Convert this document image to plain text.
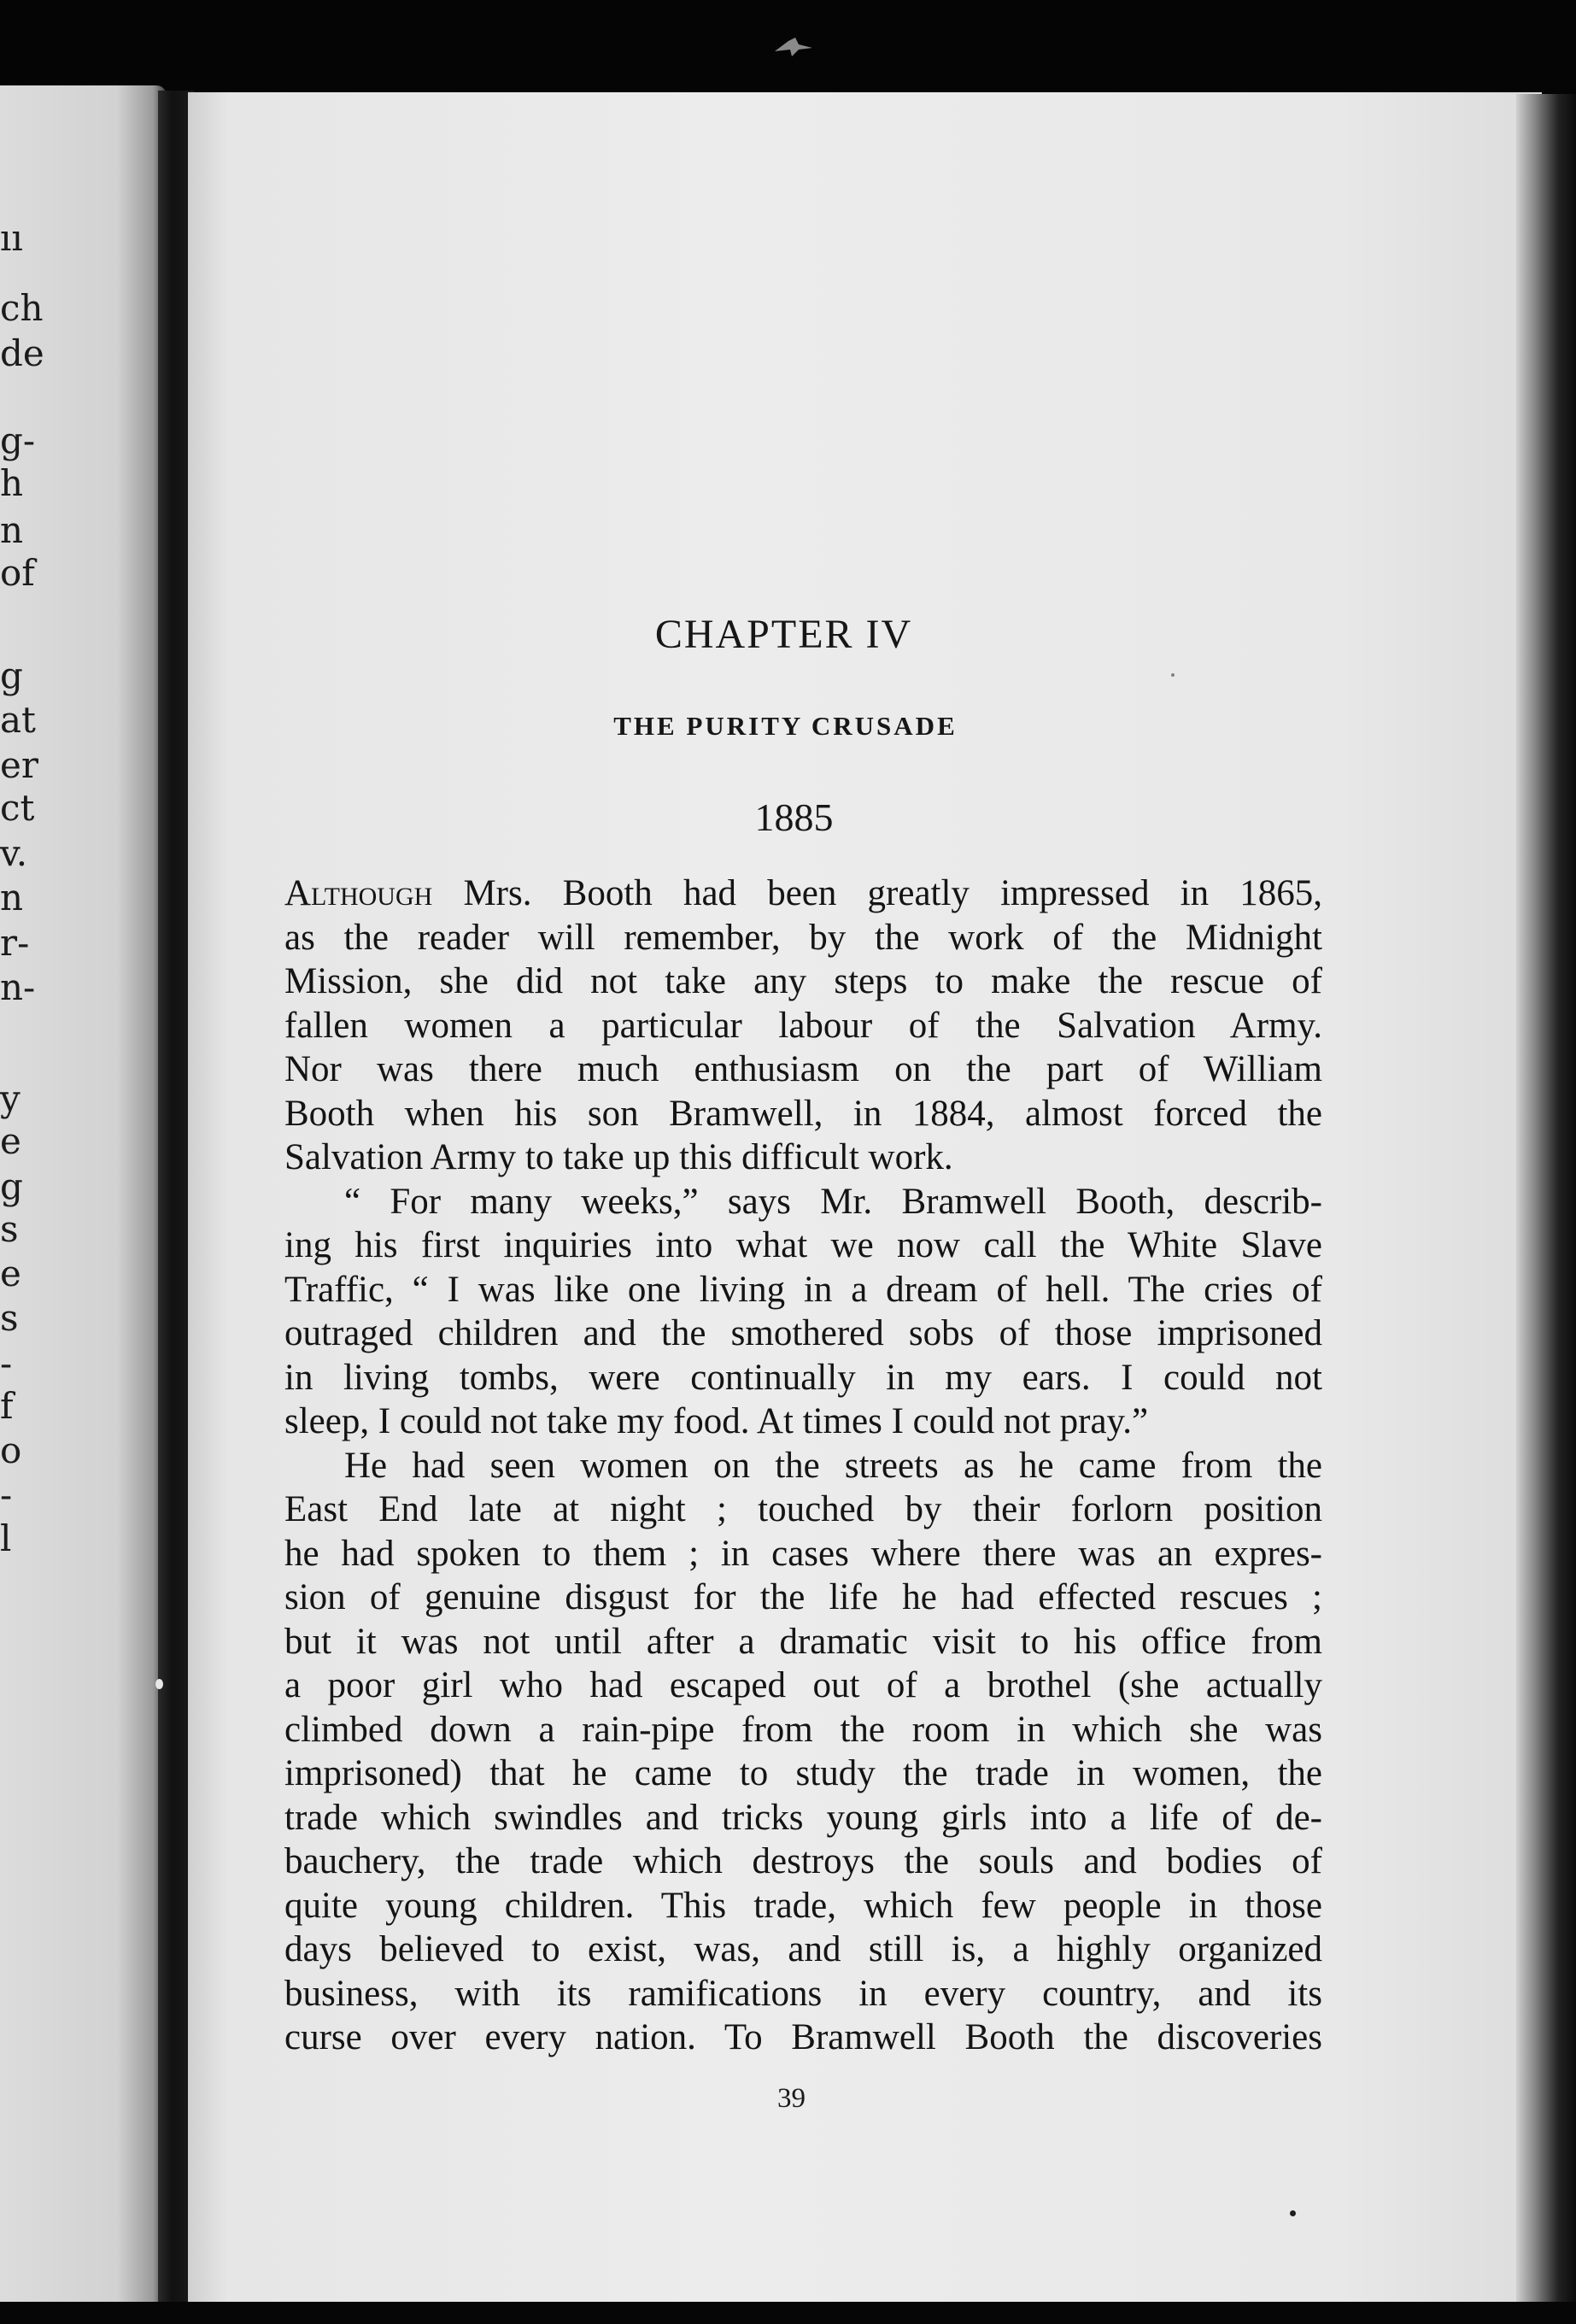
ıı
ch
de
g-
h
n
of
g
at
er
ct
v.
n
r-
n-
y
e
g
s
e
s
-
f
o
-
l
CHAPTER IV
THE PURITY CRUSADE
1885
Although Mrs. Booth had been greatly impressed in 1865,
as the reader will remember, by the work of the Midnight
Mission, she did not take any steps to make the rescue of
fallen women a particular labour of the Salvation Army.
Nor was there much enthusiasm on the part of William
Booth when his son Bramwell, in 1884, almost forced the
Salvation Army to take up this difficult work.
“ For many weeks,” says Mr. Bramwell Booth, describ-
ing his first inquiries into what we now call the White Slave
Traffic, “ I was like one living in a dream of hell. The cries of
outraged children and the smothered sobs of those imprisoned
in living tombs, were continually in my ears. I could not
sleep, I could not take my food. At times I could not pray.”
He had seen women on the streets as he came from the
East End late at night ; touched by their forlorn position
he had spoken to them ; in cases where there was an expres-
sion of genuine disgust for the life he had effected rescues ;
but it was not until after a dramatic visit to his office from
a poor girl who had escaped out of a brothel (she actually
climbed down a rain-pipe from the room in which she was
imprisoned) that he came to study the trade in women, the
trade which swindles and tricks young girls into a life of de-
bauchery, the trade which destroys the souls and bodies of
quite young children. This trade, which few people in those
days believed to exist, was, and still is, a highly organized
business, with its ramifications in every country, and its
curse over every nation. To Bramwell Booth the discoveries
39
